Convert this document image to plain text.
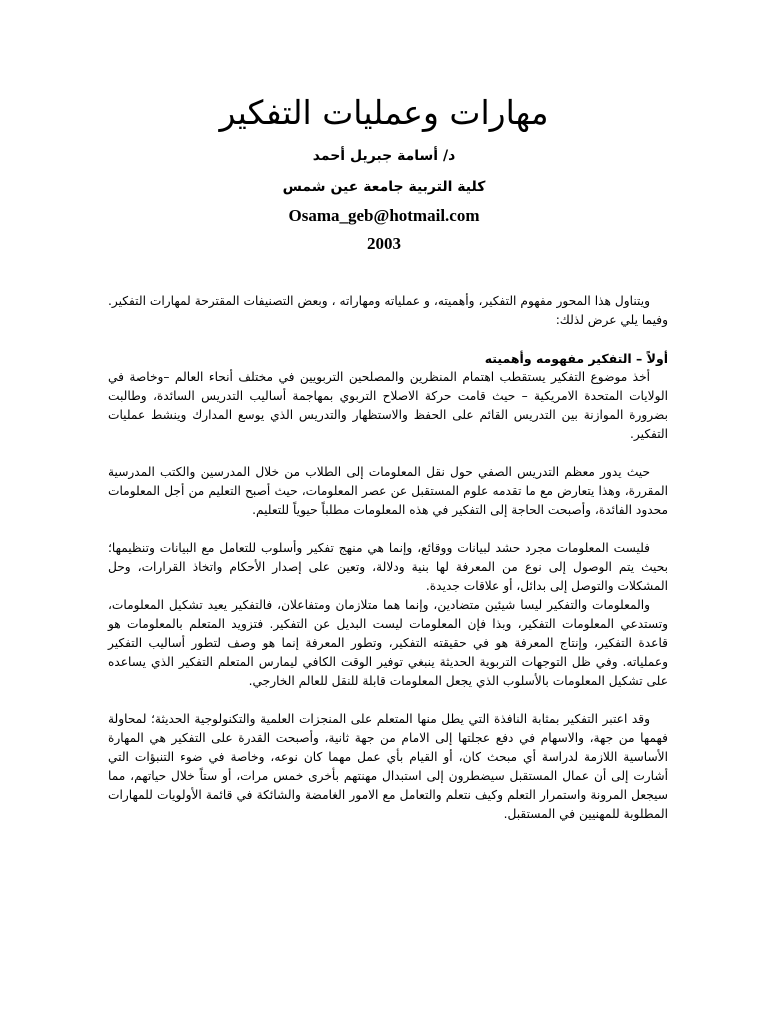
مهارات وعمليات التفكير
د/ أسامة جبريل أحمد
كلية التربية جامعة عين شمس
Osama_geb@hotmail.com
2003

ويتناول هذا المحور مفهوم التفكير، وأهميته، و عملياته ومهاراته ، وبعض التصنيفات المقترحة لمهارات التفكير. وفيما يلي عرض لذلك:

أولاً – التفكير مفهومه وأهميته

أخذ موضوع التفكير يستقطب اهتمام المنظرين والمصلحين التربويين في مختلف أنحاء العالم –وخاصة في الولايات المتحدة الامريكية – حيث قامت حركة الاصلاح التربوي بمهاجمة أساليب التدريس السائدة، وطالبت بضرورة الموازنة بين التدريس القائم على الحفظ والاستظهار والتدريس الذي يوسع المدارك وينشط عمليات التفكير.

حيث يدور معظم التدريس الصفي حول نقل المعلومات إلى الطلاب من خلال المدرسين والكتب المدرسية المقررة، وهذا يتعارض مع ما تقدمه علوم المستقبل عن عصر المعلومات، حيث أصبح التعليم من أجل المعلومات محدود الفائدة، وأصبحت الحاجة إلى التفكير في هذه المعلومات مطلباً حيوياً للتعليم.

فليست المعلومات مجرد حشد لبيانات ووقائع، وإنما هي منهج تفكير وأسلوب للتعامل مع البيانات وتنظيمها؛ بحيث يتم الوصول إلى نوع من المعرفة لها بنية ودلالة، وتعين على إصدار الأحكام واتخاذ القرارات، وحل المشكلات والتوصل إلى بدائل، أو علاقات جديدة.

والمعلومات والتفكير ليسا شيئين متضادين، وإنما هما متلازمان ومتفاعلان، فالتفكير يعيد تشكيل المعلومات، وتستدعي المعلومات التفكير، وبذا فإن المعلومات ليست البديل عن التفكير. فتزويد المتعلم بالمعلومات هو قاعدة التفكير، وإنتاج المعرفة هو في حقيقته التفكير، وتطور المعرفة إنما هو وصف لتطور أساليب التفكير وعملياته. وفي ظل التوجهات التربوية الحديثة ينبغي توفير الوقت الكافي ليمارس المتعلم التفكير الذي يساعده على تشكيل المعلومات بالأسلوب الذي يجعل المعلومات قابلة للنقل للعالم الخارجي.

وقد اعتبر التفكير بمثابة النافذة التي يطل منها المتعلم على المنجزات العلمية والتكنولوجية الحديثة؛ لمحاولة فهمها من جهة، والاسهام في دفع عجلتها إلى الامام من جهة ثانية، وأصبحت القدرة على التفكير هي المهارة الأساسية اللازمة لدراسة أي مبحث كان، أو القيام بأي عمل مهما كان نوعه، وخاصة في ضوء التنبؤات التي أشارت إلى أن عمال المستقبل سيضطرون إلى استبدال مهنتهم بأخرى خمس مرات، أو ستاً خلال حياتهم، مما سيجعل المرونة واستمرار التعلم وكيف نتعلم والتعامل مع الامور الغامضة والشائكة في قائمة الأولويات للمهارات المطلوبة للمهنيين في المستقبل.
